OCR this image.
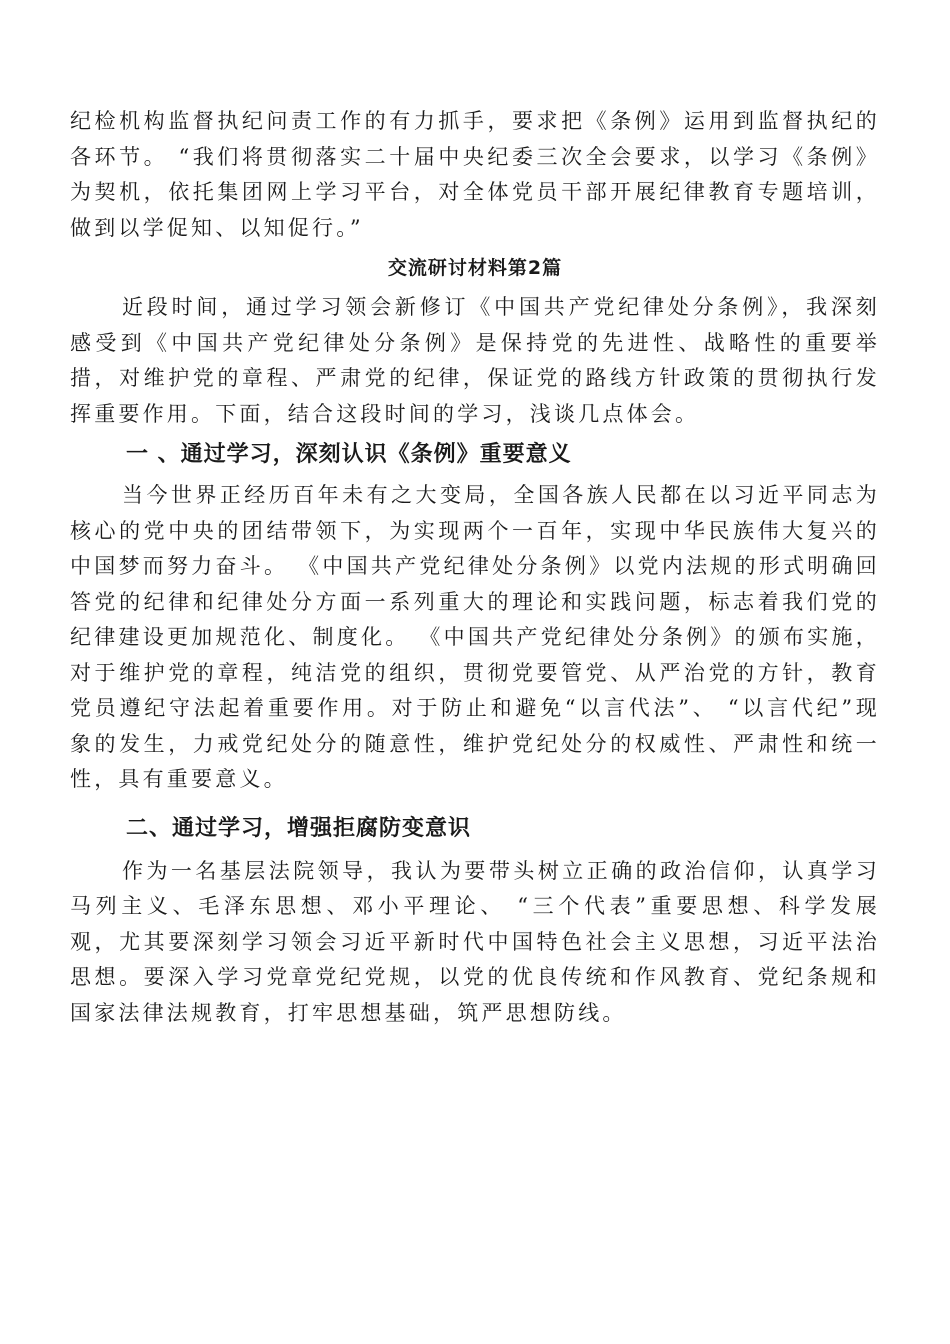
纪检机构监督执纪问责工作的有力抓手，要求把《条例》运用到监督执纪的各环节。 “我们将贯彻落实二十届中央纪委三次全会要求，以学习《条例》为契机，依托集团网上学习平台，对全体党员干部开展纪律教育专题培训，做到以学促知、以知促行。”

交流研讨材料第2篇

近段时间，通过学习领会新修订《中国共产党纪律处分条例》，我深刻感受到《中国共产党纪律处分条例》是保持党的先进性、战略性的重要举措，对维护党的章程、严肃党的纪律，保证党的路线方针政策的贯彻执行发挥重要作用。下面，结合这段时间的学习，浅谈几点体会。

一 、通过学习，深刻认识《条例》重要意义

当今世界正经历百年未有之大变局，全国各族人民都在以习近平同志为核心的党中央的团结带领下，为实现两个一百年，实现中华民族伟大复兴的中国梦而努力奋斗。 《中国共产党纪律处分条例》以党内法规的形式明确回答党的纪律和纪律处分方面一系列重大的理论和实践问题，标志着我们党的纪律建设更加规范化、制度化。 《中国共产党纪律处分条例》的颁布实施，对于维护党的章程，纯洁党的组织，贯彻党要管党、从严治党的方针，教育党员遵纪守法起着重要作用。对于防止和避免“以言代法”、 “以言代纪”现象的发生，力戒党纪处分的随意性，维护党纪处分的权威性、严肃性和统一性，具有重要意义。

二、通过学习，增强拒腐防变意识

作为一名基层法院领导，我认为要带头树立正确的政治信仰，认真学习马列主义、毛泽东思想、邓小平理论、 “三个代表”重要思想、科学发展观，尤其要深刻学习领会习近平新时代中国特色社会主义思想，习近平法治思想。要深入学习党章党纪党规，以党的优良传统和作风教育、党纪条规和国家法律法规教育，打牢思想基础，筑严思想防线。
